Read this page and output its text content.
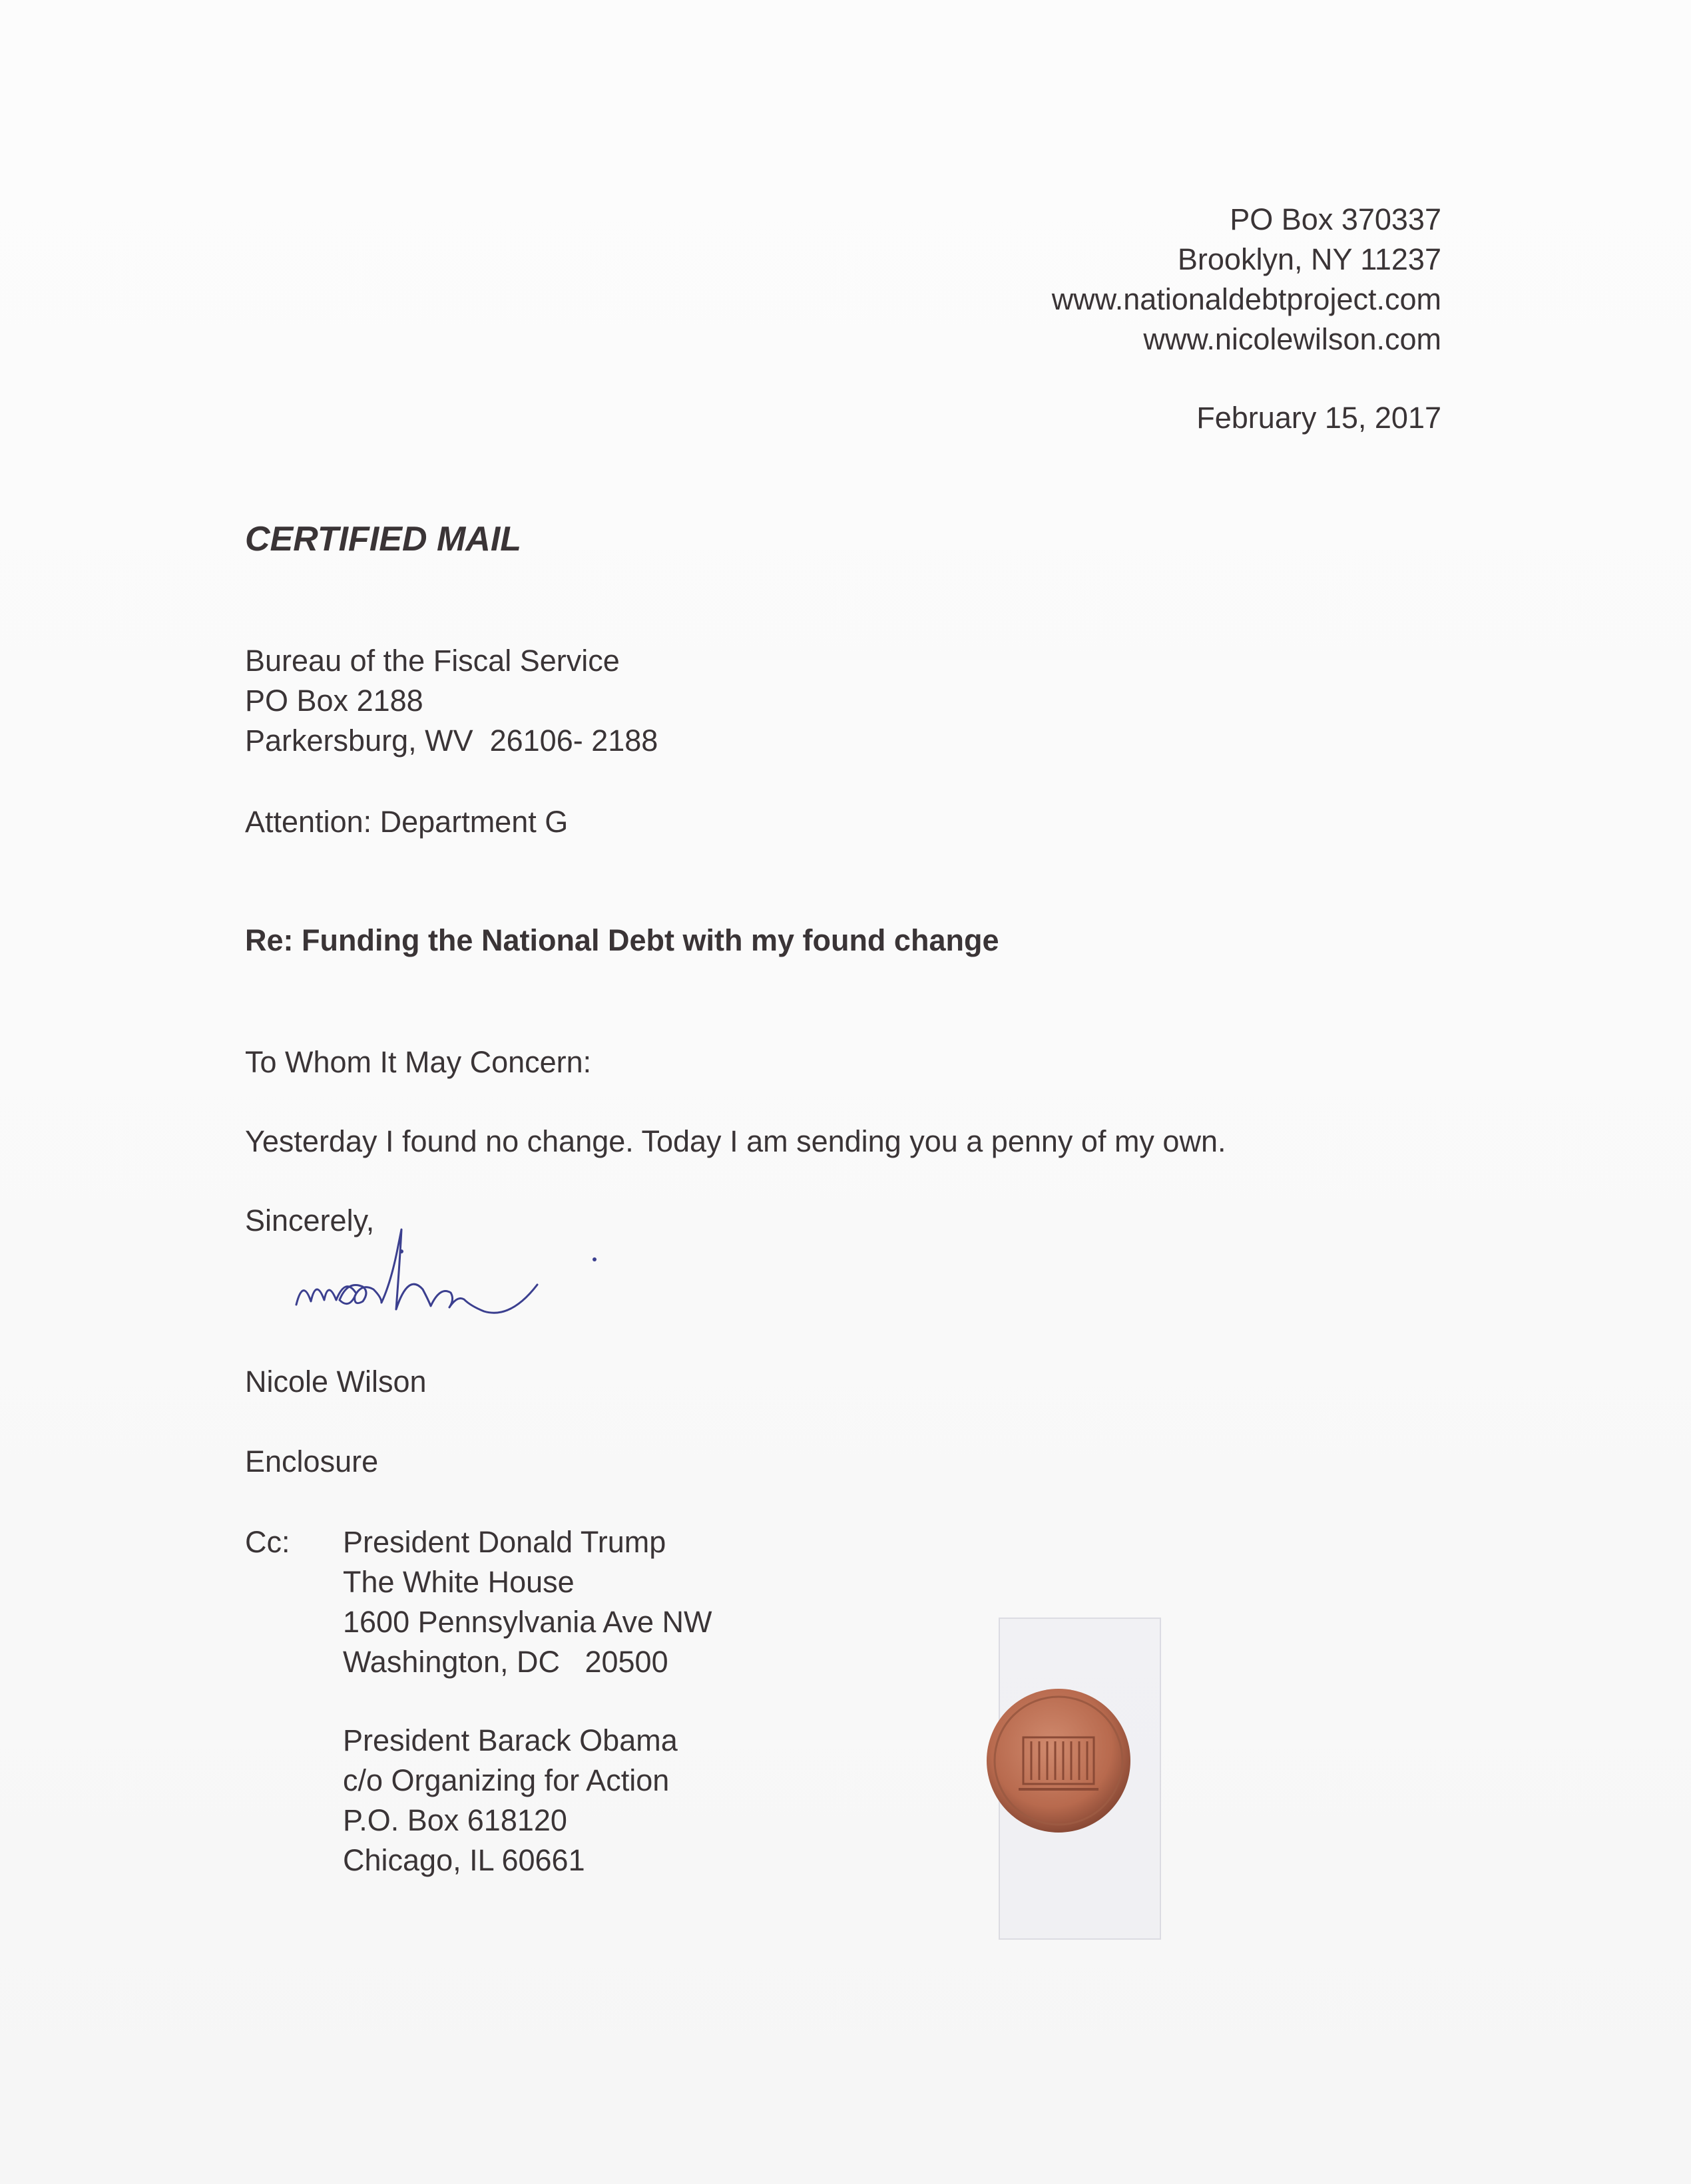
PO Box 370337
Brooklyn, NY 11237
www.nationaldebtproject.com
www.nicolewilson.com
February 15, 2017
CERTIFIED MAIL
Bureau of the Fiscal Service
PO Box 2188
Parkersburg, WV  26106- 2188
Attention: Department G
Re: Funding the National Debt with my found change
To Whom It May Concern:
Yesterday I found no change. Today I am sending you a penny of my own.
Sincerely,
Nicole Wilson
Enclosure
Cc: President Donald Trump
The White House
1600 Pennsylvania Ave NW
Washington, DC   20500
President Barack Obama
c/o Organizing for Action
P.O. Box 618120
Chicago, IL 60661
